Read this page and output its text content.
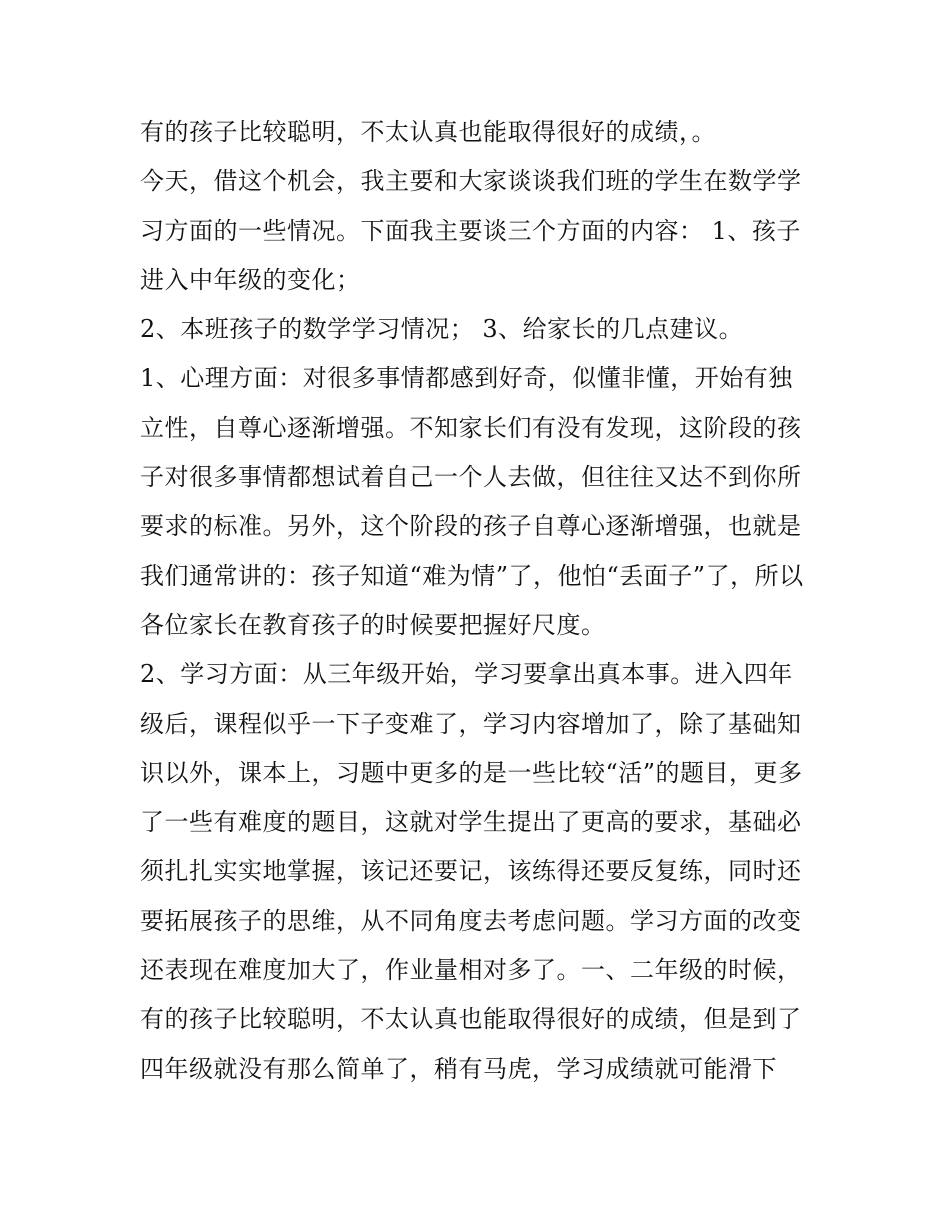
有的孩子比较聪明，不太认真也能取得很好的成绩，。

今天，借这个机会，我主要和大家谈谈我们班的学生在数学学
习方面的一些情况。下面我主要谈三个方面的内容： 1、孩子
进入中年级的变化；

2、本班孩子的数学学习情况； 3、给家长的几点建议。

1、心理方面：对很多事情都感到好奇，似懂非懂，开始有独
立性，自尊心逐渐增强。不知家长们有没有发现，这阶段的孩
子对很多事情都想试着自己一个人去做，但往往又达不到你所
要求的标准。另外，这个阶段的孩子自尊心逐渐增强，也就是
我们通常讲的：孩子知道“难为情”了，他怕“丢面子”了，所以
各位家长在教育孩子的时候要把握好尺度。

2、学习方面：从三年级开始，学习要拿出真本事。进入四年
级后，课程似乎一下子变难了，学习内容增加了，除了基础知
识以外，课本上，习题中更多的是一些比较“活”的题目，更多
了一些有难度的题目，这就对学生提出了更高的要求，基础必
须扎扎实实地掌握，该记还要记，该练得还要反复练，同时还
要拓展孩子的思维，从不同角度去考虑问题。学习方面的改变
还表现在难度加大了，作业量相对多了。一、二年级的时候，
有的孩子比较聪明，不太认真也能取得很好的成绩，但是到了
四年级就没有那么简单了，稍有马虎，学习成绩就可能滑下
